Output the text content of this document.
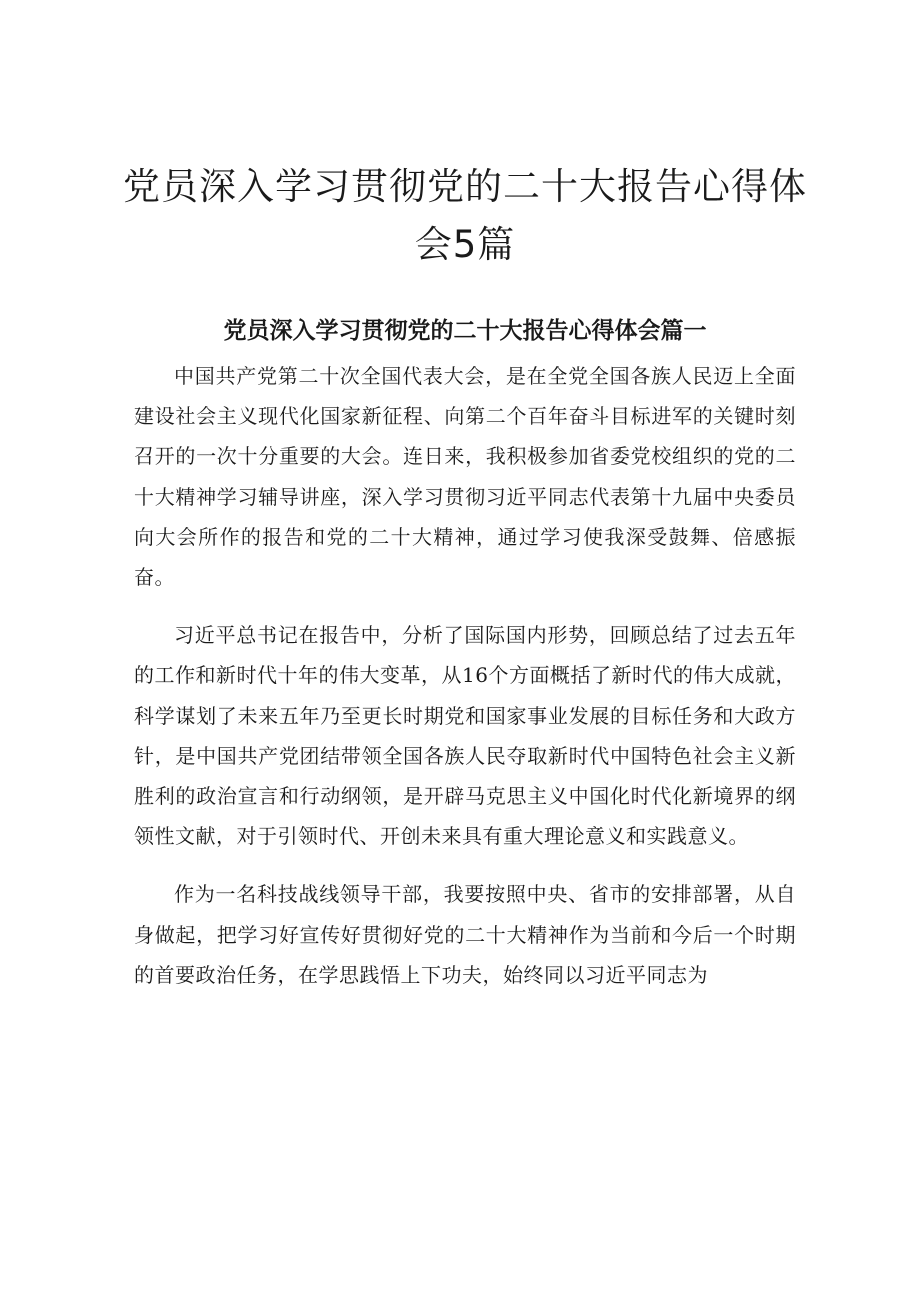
党员深入学习贯彻党的二十大报告心得体
会5篇
党员深入学习贯彻党的二十大报告心得体会篇一

中国共产党第二十次全国代表大会，是在全党全国各族人民迈上全面建设社会主义现代化国家新征程、向第二个百年奋斗目标进军的关键时刻召开的一次十分重要的大会。连日来，我积极参加省委党校组织的党的二十大精神学习辅导讲座，深入学习贯彻习近平同志代表第十九届中央委员向大会所作的报告和党的二十大精神，通过学习使我深受鼓舞、倍感振奋。

习近平总书记在报告中，分析了国际国内形势，回顾总结了过去五年的工作和新时代十年的伟大变革，从16个方面概括了新时代的伟大成就，科学谋划了未来五年乃至更长时期党和国家事业发展的目标任务和大政方针，是中国共产党团结带领全国各族人民夺取新时代中国特色社会主义新胜利的政治宣言和行动纲领，是开辟马克思主义中国化时代化新境界的纲领性文献，对于引领时代、开创未来具有重大理论意义和实践意义。

作为一名科技战线领导干部，我要按照中央、省市的安排部署，从自身做起，把学习好宣传好贯彻好党的二十大精神作为当前和今后一个时期的首要政治任务，在学思践悟上下功夫，始终同以习近平同志为
